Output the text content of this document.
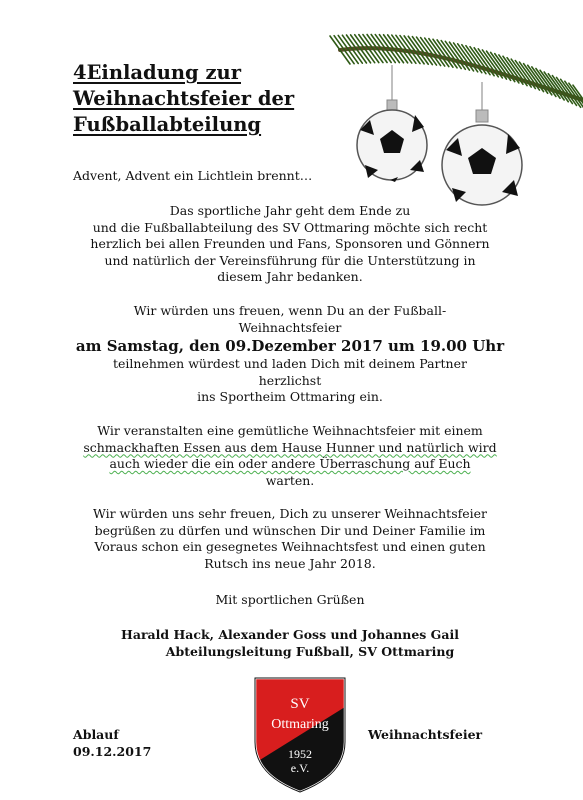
4Einladung zur
Weihnachtsfeier der
Fußballabteilung
Advent, Advent ein Lichtlein brennt…
Das sportliche Jahr geht dem Ende zu
und die Fußballabteilung des SV Ottmaring möchte sich recht
herzlich bei allen Freunden und Fans, Sponsoren und Gönnern
und natürlich der Vereinsführung für die Unterstützung in
diesem Jahr bedanken.
Wir würden uns freuen, wenn Du an der Fußball-
Weihnachtsfeier
am Samstag, den 09.Dezember 2017 um 19.00 Uhr
teilnehmen würdest und laden Dich mit deinem Partner
herzlichst
ins Sportheim Ottmaring ein.
Wir veranstalten eine gemütliche Weihnachtsfeier mit einem
schmackhaften Essen aus dem Hause Hunner und natürlich wird
auch wieder die ein oder andere Überraschung auf Euch
warten.
Wir würden uns sehr freuen, Dich zu unserer Weihnachtsfeier
begrüßen zu dürfen und wünschen Dir und Deiner Familie im
Voraus schon ein gesegnetes Weihnachtsfest und einen guten
Rutsch ins neue Jahr 2018.
Mit sportlichen Grüßen
Harald Hack, Alexander Goss und Johannes Gail
Abteilungsleitung Fußball, SV Ottmaring
Ablauf
09.12.2017
Weihnachtsfeier
SV
Ottmaring
1952
e.V.
